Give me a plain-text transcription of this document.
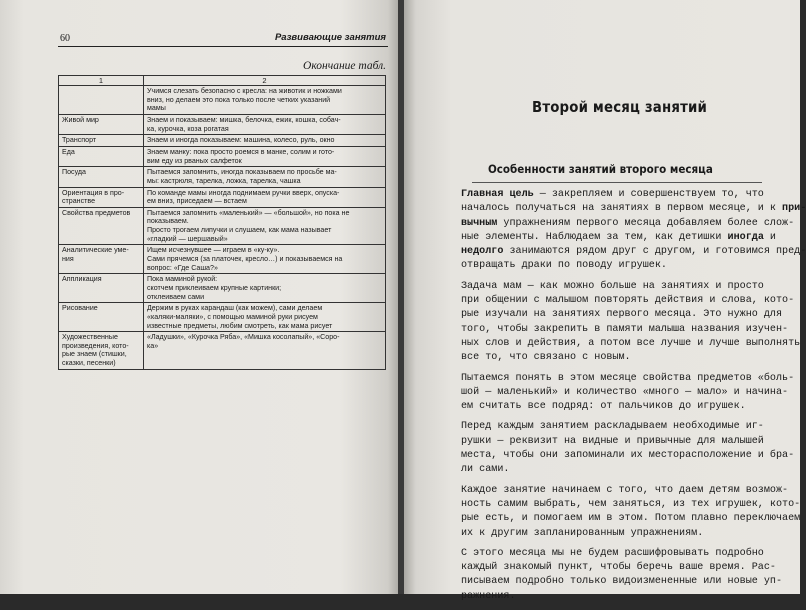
60	Развивающие занятия
Окончание табл.
1	2

	Учимся слезать безопасно с кресла: на животик и ножками
вниз, но делаем это пока только после четких указаний
мамы

Живой мир	Знаем и показываем: мишка, белочка, ежик, кошка, собач-
ка, курочка, коза рогатая

Транспорт	Знаем и иногда показываем: машина, колесо, руль, окно

Еда	Знаем манку: пока просто роемся в манке, солим и гото-
вим еду из рваных салфеток

Посуда	Пытаемся запомнить, иногда показываем по просьбе ма-
мы: кастрюля, тарелка, ложка, тарелка, чашка

Ориентация в про-
странстве	По команде мамы иногда поднимаем ручки вверх, опуска-
ем вниз, приседаем — встаем

Свойства предметов	Пытаемся запомнить «маленький» — «большой», но пока не
показываем.
Просто трогаем липучки и слушаем, как мама называет
«гладкий — шершавый»

Аналитические уме-
ния	Ищем исчезнувшее — играем в «ку-ку».
Сами прячемся (за платочек, кресло…) и показываемся на
вопрос: «Где Саша?»

Аппликация	Пока маминой рукой:
скотчем приклеиваем крупные картинки;
отклеиваем сами

Рисование	Держим в руках карандаш (как можем), сами делаем
«каляки-маляки», с помощью маминой руки рисуем
известные предметы, любим смотреть, как мама рисует

Художественные
произведения, кото-
рые знаем (стишки,
сказки, песенки)	«Ладушки», «Курочка Ряба», «Мишка косолапый», «Соро-
ка»
Второй месяц занятий
Особенности занятий второго месяца

Главная цель — закрепляем и совершенствуем то, что
началось получаться на занятиях в первом месяце, и к при-
вычным упражнениям первого месяца добавляем более слож-
ные элементы. Наблюдаем за тем, как детишки иногда и
недолго занимаются рядом друг с другом, и готовимся пред-
отвращать драки по поводу игрушек.

Задача мам — как можно больше на занятиях и просто
при общении с малышом повторять действия и слова, кото-
рые изучали на занятиях первого месяца. Это нужно для
того, чтобы закрепить в памяти малыша названия изучен-
ных слов и действия, а потом все лучше и лучше выполнять
все то, что связано с новым.

Пытаемся понять в этом месяце свойства предметов «боль-
шой — маленький» и количество «много — мало» и начина-
ем считать все подряд: от пальчиков до игрушек.

Перед каждым занятием раскладываем необходимые иг-
рушки — реквизит на видные и привычные для малышей
места, чтобы они запоминали их месторасположение и бра-
ли сами.

Каждое занятие начинаем с того, что даем детям возмож-
ность самим выбрать, чем заняться, из тех игрушек, кото-
рые есть, и помогаем им в этом. Потом плавно переключаем
их к другим запланированным упражнениям.

С этого месяца мы не будем расшифровывать подробно
каждый знакомый пункт, чтобы беречь ваше время. Рас-
писываем подробно только видоизмененные или новые уп-
ражнения.
